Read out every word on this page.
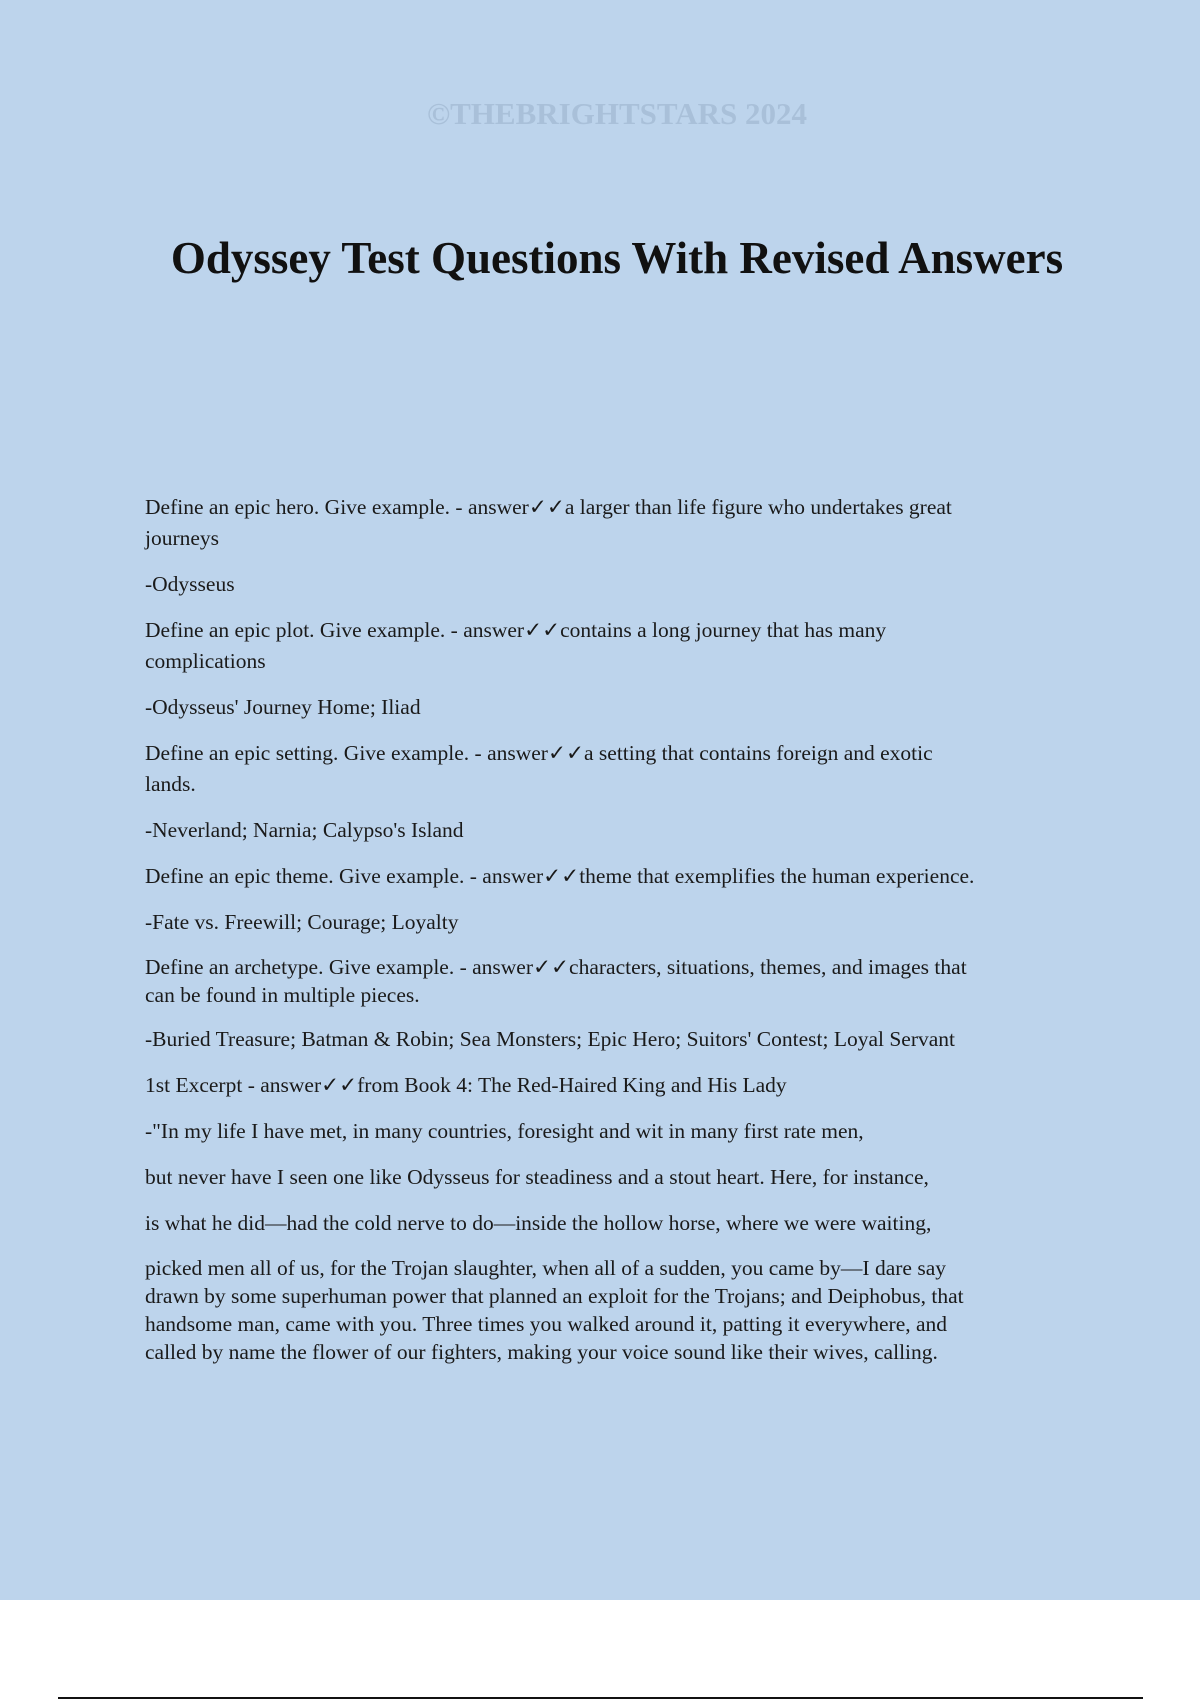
©THEBRIGHTSTARS 2024
Odyssey Test Questions With Revised Answers

Define an epic hero. Give example. - answer✓✓a larger than life figure who undertakes great
journeys

-Odysseus

Define an epic plot. Give example. - answer✓✓contains a long journey that has many
complications

-Odysseus' Journey Home; Iliad

Define an epic setting. Give example. - answer✓✓a setting that contains foreign and exotic
lands.

-Neverland; Narnia; Calypso's Island

Define an epic theme. Give example. - answer✓✓theme that exemplifies the human experience.

-Fate vs. Freewill; Courage; Loyalty

Define an archetype. Give example. - answer✓✓characters, situations, themes, and images that
can be found in multiple pieces.

-Buried Treasure; Batman & Robin; Sea Monsters; Epic Hero; Suitors' Contest; Loyal Servant

1st Excerpt - answer✓✓from Book 4: The Red-Haired King and His Lady

-"In my life I have met, in many countries, foresight and wit in many first rate men,

but never have I seen one like Odysseus for steadiness and a stout heart. Here, for instance,

is what he did—had the cold nerve to do—inside the hollow horse, where we were waiting,

picked men all of us, for the Trojan slaughter, when all of a sudden, you came by—I dare say
drawn by some superhuman power that planned an exploit for the Trojans; and Deiphobus, that
handsome man, came with you. Three times you walked around it, patting it everywhere, and
called by name the flower of our fighters, making your voice sound like their wives, calling.
